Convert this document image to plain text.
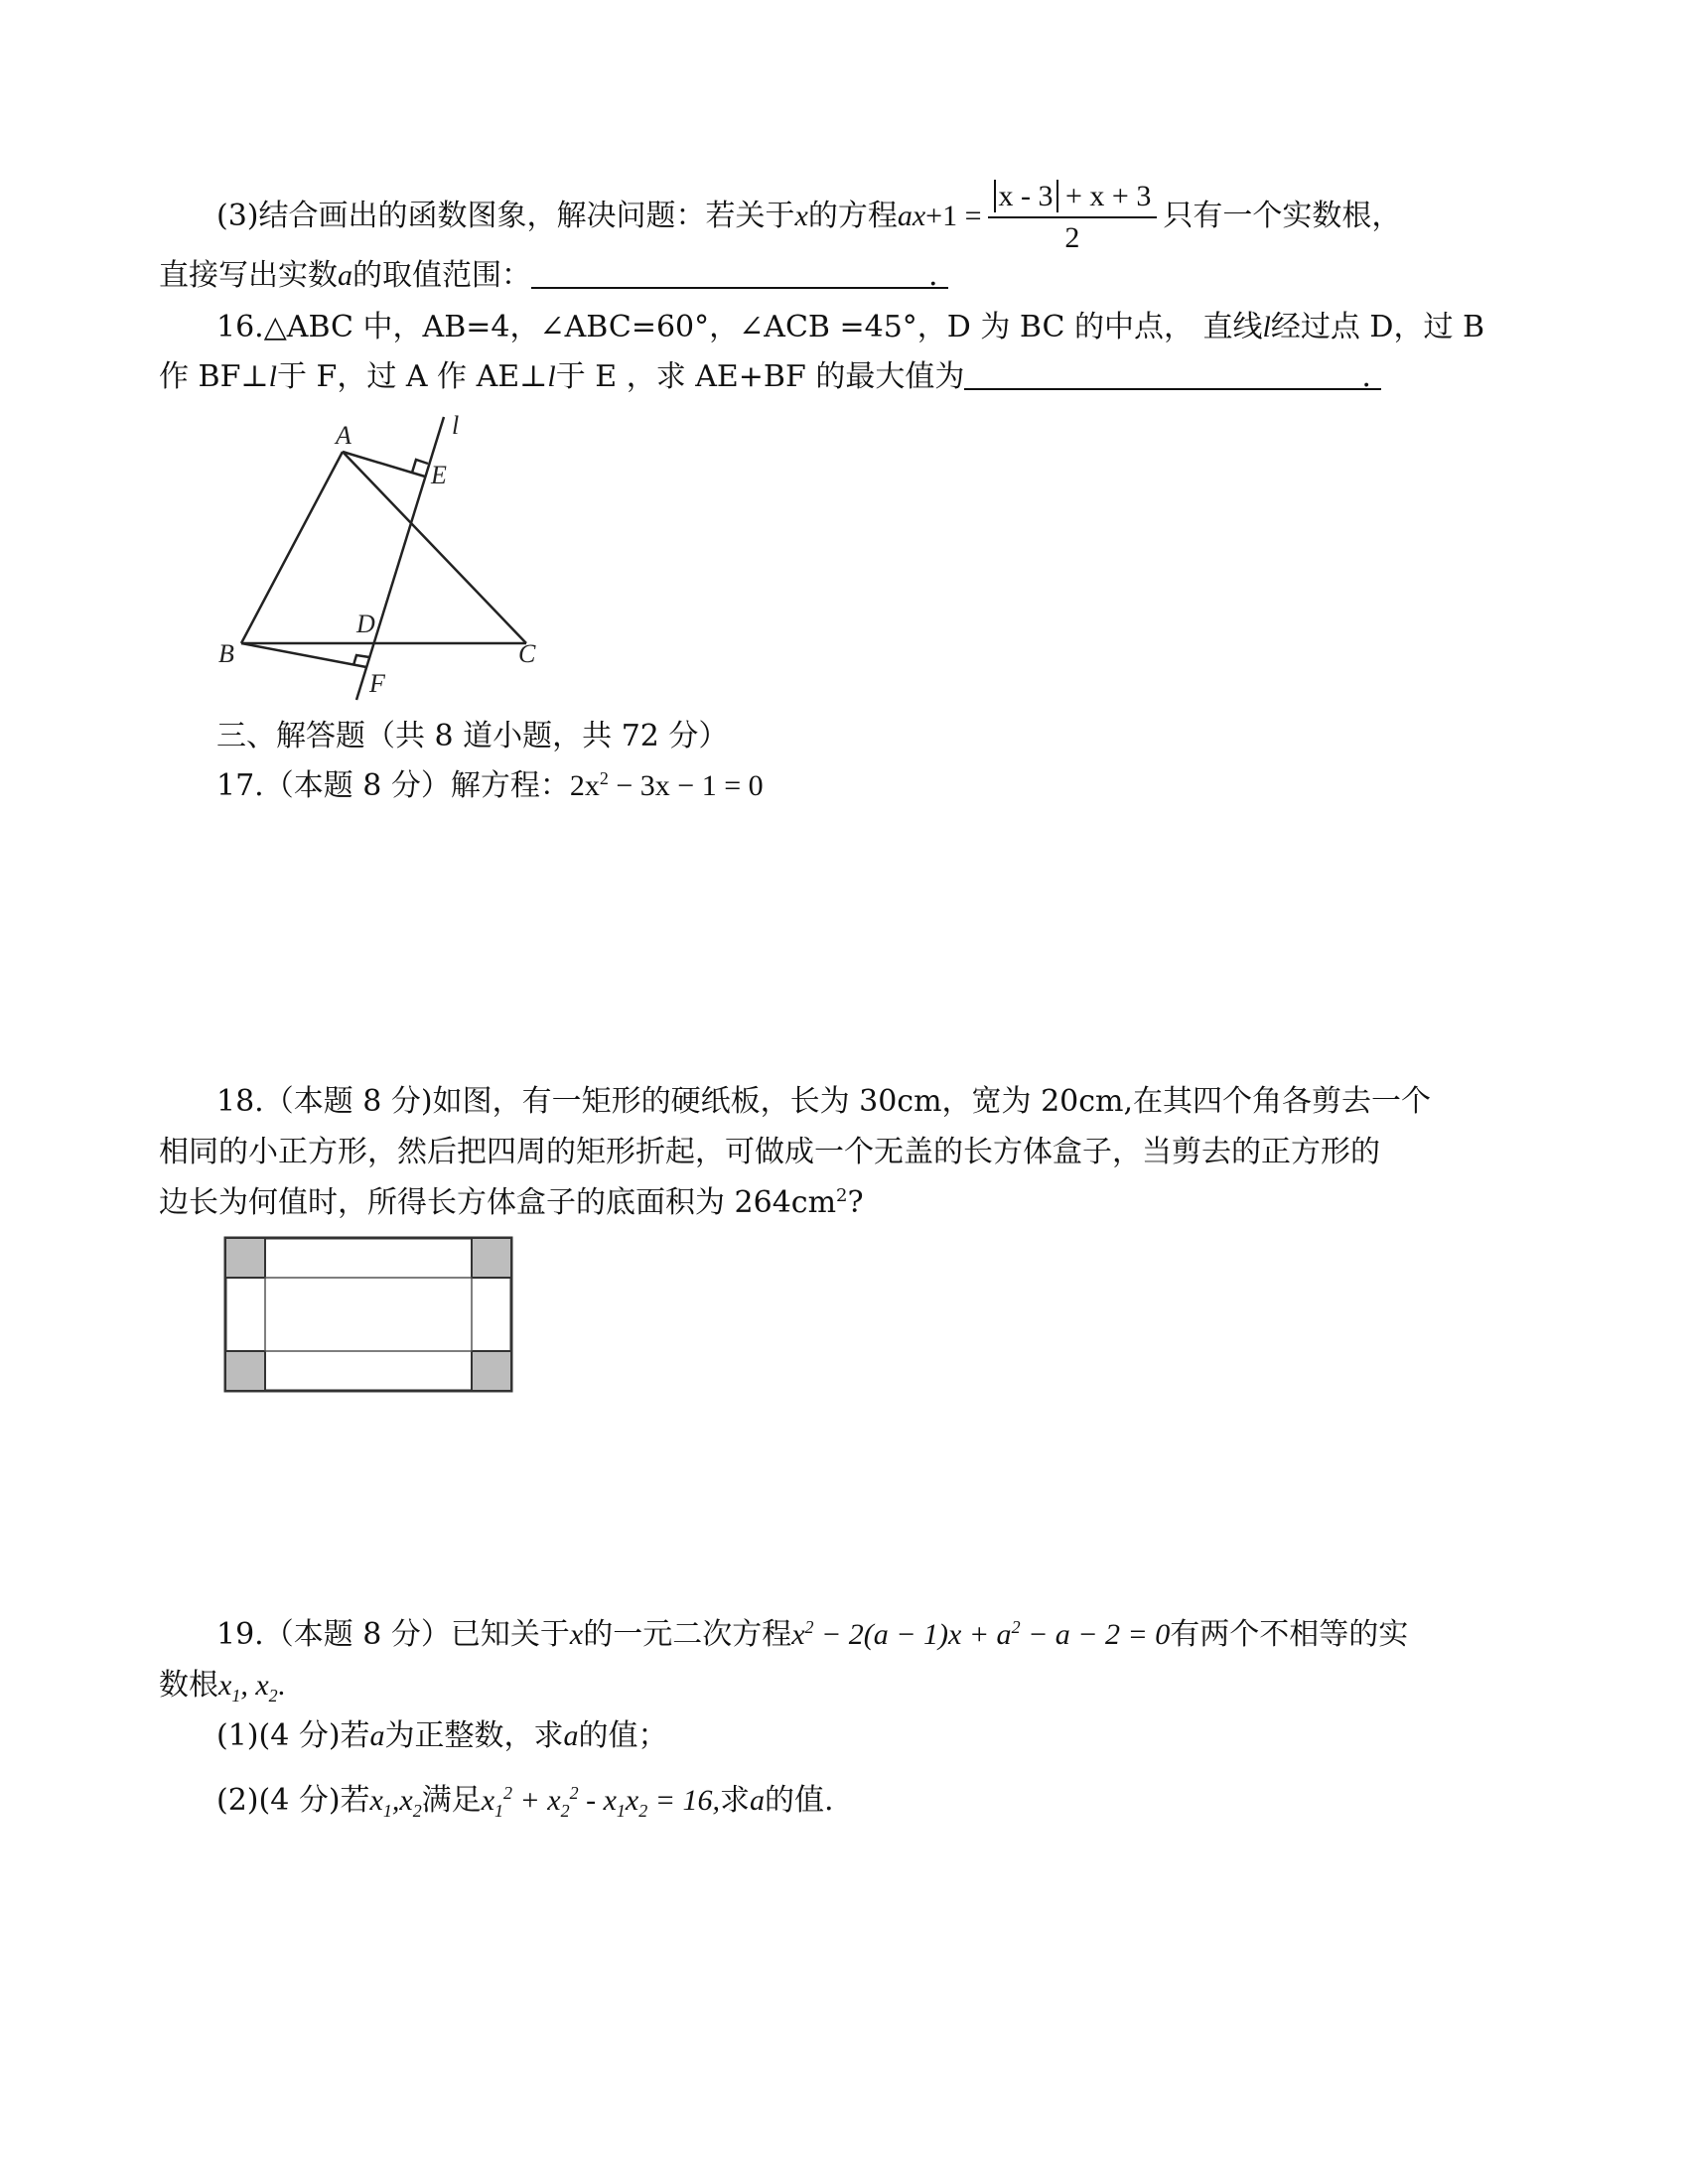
(3)结合画出的函数图象，解决问题：若关于x的方程$ax+1 = \frac{x - 3 + x + 3}{2}$ 只有一个实数根，
直接写出实数a的取值范围：	.
16.△ABC 中，AB=4，∠ABC=60°，∠ACB =45°，D 为 BC 的中点， 直线l经过点 D，过 B
作 BF⊥l于 F，过 A 作 AE⊥l于 E ，求 AE+BF 的最大值为	.
A	l
E
D
B	C
F
三、解答题（共 8 道小题，共 72 分）
17.（本题 8 分）解方程：$2x^2 - 3x - 1 = 0$
18.（本题 8 分)如图，有一矩形的硬纸板，长为 30cm，宽为 20cm,在其四个角各剪去一个
相同的小正方形，然后把四周的矩形折起，可做成一个无盖的长方体盒子，当剪去的正方形的
边长为何值时，所得长方体盒子的底面积为 $264cm^2$?
19.（本题 8 分）已知关于x的一元二次方程$x^2 - 2(a - 1)x + a^2 - a - 2 = 0$有两个不相等的实
数根$x_1$, $x_2$.
(1)(4 分)若a为正整数，求a的值；
(2)(4 分)若$x_1,x_2$满足$x_1^2 + x_2^2 - x_1x_2 = 16$,求a的值.
